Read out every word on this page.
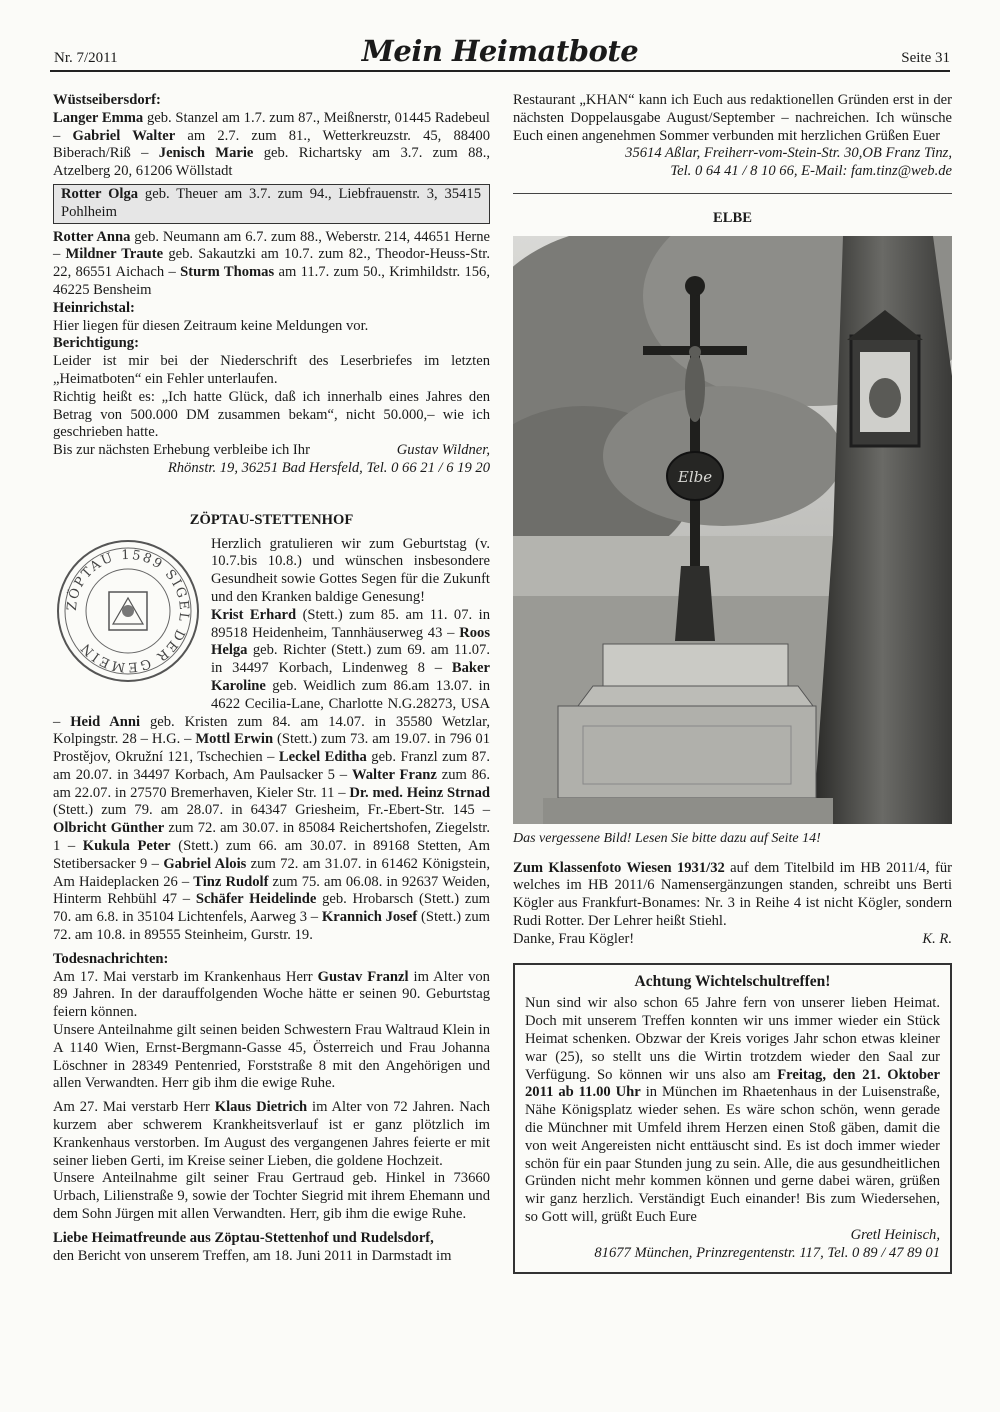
Nr. 7/2011	Mein Heimatbote	Seite 31

Wüstseibersdorf:

Langer Emma geb. Stanzel am 1.7. zum 87., Meißnerstr, 01445 Radebeul – Gabriel Walter am 2.7. zum 81., Wetterkreuzstr. 45, 88400 Biberach/Riß – Jenisch Marie geb. Richartsky am 3.7. zum 88., Atzelberg 20, 61206 Wöllstadt

Rotter Olga geb. Theuer am 3.7. zum 94., Liebfrauenstr. 3, 35415 Pohlheim

Rotter Anna geb. Neumann am 6.7. zum 88., Weberstr. 214, 44651 Herne – Mildner Traute geb. Sakautzki am 10.7. zum 82., Theodor-Heuss-Str. 22, 86551 Aichach – Sturm Thomas am 11.7. zum 50., Krimhildstr. 156, 46225 Bensheim

Heinrichstal:

Hier liegen für diesen Zeitraum keine Meldungen vor.

Berichtigung:

Leider ist mir bei der Niederschrift des Leserbriefes im letzten „Heimatboten“ ein Fehler unterlaufen.

Richtig heißt es: „Ich hatte Glück, daß ich innerhalb eines Jahres den Betrag von 500.000 DM zusammen bekam“, nicht 50.000,– wie ich geschrieben hatte.

Bis zur nächsten Erhebung verbleibe ich Ihr	Gustav Wildner,

Rhönstr. 19, 36251 Bad Hersfeld, Tel. 0 66 21 / 6 19 20

ZÖPTAU-STETTENHOF
ZÖPTAU 1589 SIGEL DER GEMEIN

Herzlich gratulieren wir zum Geburtstag (v. 10.7.bis 10.8.) und wünschen insbesondere Gesundheit sowie Gottes Segen für die Zukunft und den Kranken baldige Genesung!

Krist Erhard (Stett.) zum 85. am 11. 07. in 89518 Heidenheim, Tannhäuserweg 43 – Roos Helga geb. Richter (Stett.) zum 69. am 11.07. in 34497 Korbach, Lindenweg 8 – Baker Karoline geb. Weidlich zum 86.am 13.07. in 4622 Cecilia-Lane, Charlotte N.G.28273, USA – Heid Anni geb. Kristen zum 84. am 14.07. in 35580 Wetzlar, Kolpingstr. 28 – H.G. – Mottl Erwin (Stett.) zum 73. am 19.07. in 796 01 Prostějov, Okružní 121, Tschechien – Leckel Editha geb. Franzl zum 87. am 20.07. in 34497 Korbach, Am Paulsacker 5 – Walter Franz zum 86. am 22.07. in 27570 Bremerhaven, Kieler Str. 11 – Dr. med. Heinz Strnad (Stett.) zum 79. am 28.07. in 64347 Griesheim, Fr.-Ebert-Str. 145 – Olbricht Günther zum 72. am 30.07. in 85084 Reichertshofen, Ziegelstr. 1 – Kukula Peter (Stett.) zum 66. am 30.07. in 89168 Stetten, Am Stetibersacker 9 – Gabriel Alois zum 72. am 31.07. in 61462 Königstein, Am Haideplacken 26 – Tinz Rudolf zum 75. am 06.08. in 92637 Weiden, Hinterm Rehbühl 47 – Schäfer Heidelinde geb. Hrobarsch (Stett.) zum 70. am 6.8. in 35104 Lichtenfels, Aarweg 3 – Krannich Josef (Stett.) zum 72. am 10.8. in 89555 Steinheim, Gurstr. 19.

Todesnachrichten:

Am 17. Mai verstarb im Krankenhaus Herr Gustav Franzl im Alter von 89 Jahren. In der darauffolgenden Woche hätte er seinen 90. Geburtstag feiern können.

Unsere Anteilnahme gilt seinen beiden Schwestern Frau Waltraud Klein in A 1140 Wien, Ernst-Bergmann-Gasse 45, Österreich und Frau Johanna Löschner in 28349 Pentenried, Forststraße 8 mit den Angehörigen und allen Verwandten. Herr gib ihm die ewige Ruhe.

Am 27. Mai verstarb Herr Klaus Dietrich im Alter von 72 Jahren. Nach kurzem aber schwerem Krankheitsverlauf ist er ganz plötzlich im Krankenhaus verstorben. Im August des vergangenen Jahres feierte er mit seiner lieben Gerti, im Kreise seiner Lieben, die goldene Hochzeit.

Unsere Anteilnahme gilt seiner Frau Gertraud geb. Hinkel in 73660 Urbach, Lilienstraße 9, sowie der Tochter Siegrid mit ihrem Ehemann und dem Sohn Jürgen mit allen Verwandten. Herr, gib ihm die ewige Ruhe.

Liebe Heimatfreunde aus Zöptau-Stettenhof und Rudelsdorf,

den Bericht von unserem Treffen, am 18. Juni 2011 in Darmstadt im

Restaurant „KHAN“ kann ich Euch aus redaktionellen Gründen erst in der nächsten Doppelausgabe August/September – nachreichen. Ich wünsche Euch einen angenehmen Sommer verbunden mit herzlichen Grüßen Euer
OB Franz Tinz,

35614 Aßlar, Freiherr-vom-Stein-Str. 30,

Tel. 0 64 41 / 8 10 66, E-Mail: fam.tinz@web.de

ELBE
Elbe
Das vergessene Bild! Lesen Sie bitte dazu auf Seite 14!

Zum Klassenfoto Wiesen 1931/32 auf dem Titelbild im HB 2011/4, für welches im HB 2011/6 Namensergänzungen standen, schreibt uns Berti Kögler aus Frankfurt-Bonames: Nr. 3 in Reihe 4 ist nicht Kögler, sondern Rudi Rotter. Der Lehrer heißt Stiehl.

Danke, Frau Kögler!	K. R.

Achtung Wichtelschultreffen!

Nun sind wir also schon 65 Jahre fern von unserer lieben Heimat. Doch mit unserem Treffen konnten wir uns immer wieder ein Stück Heimat schenken. Obzwar der Kreis voriges Jahr schon etwas kleiner war (25), so stellt uns die Wirtin trotzdem wieder den Saal zur Verfügung. So können wir uns also am Freitag, den 21. Oktober 2011 ab 11.00 Uhr in München im Rhaetenhaus in der Luisenstraße, Nähe Königsplatz wieder sehen. Es wäre schon schön, wenn gerade die Münchner mit Umfeld ihrem Herzen einen Stoß gäben, damit die von weit Angereisten nicht enttäuscht sind. Es ist doch immer wieder schön für ein paar Stunden jung zu sein. Alle, die aus gesundheitlichen Gründen nicht mehr kommen können und gerne dabei wären, grüßen wir ganz herzlich. Verständigt Euch einander! Bis zum Wiedersehen, so Gott will, grüßt Euch Eure

Gretl Heinisch,

81677 München, Prinzregentenstr. 117, Tel. 0 89 / 47 89 01
